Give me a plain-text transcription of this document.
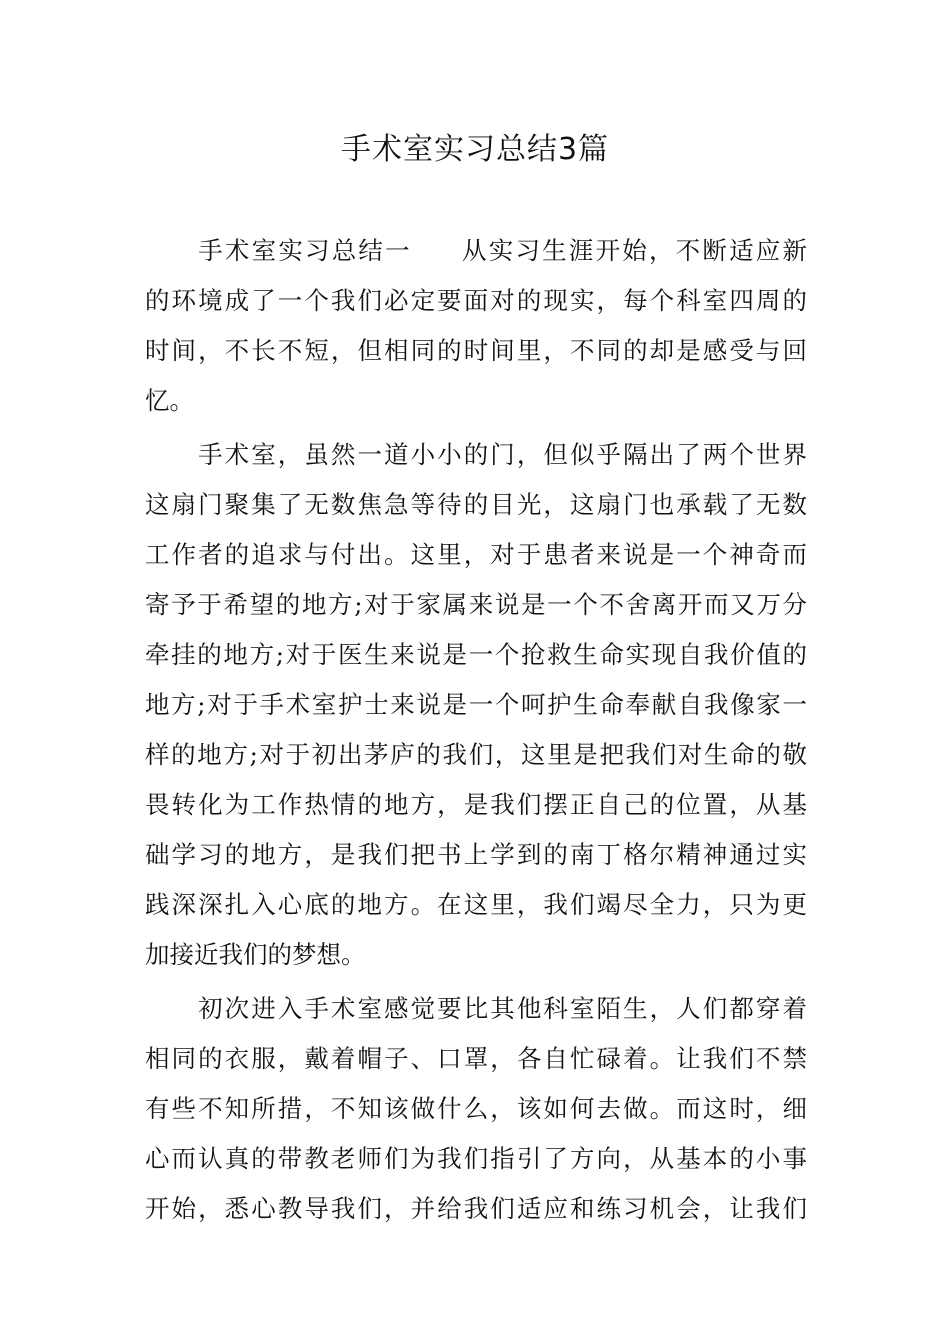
手术室实习总结3篇

手术室实习总结一 从实习生涯开始，不断适应新
的环境成了一个我们必定要面对的现实，每个科室四周的
时间，不长不短，但相同的时间里，不同的却是感受与回
忆。

手术室，虽然一道小小的门，但似乎隔出了两个世界
这扇门聚集了无数焦急等待的目光，这扇门也承载了无数
工作者的追求与付出。这里，对于患者来说是一个神奇而
寄予于希望的地方;对于家属来说是一个不舍离开而又万分
牵挂的地方;对于医生来说是一个抢救生命实现自我价值的
地方;对于手术室护士来说是一个呵护生命奉献自我像家一
样的地方;对于初出茅庐的我们，这里是把我们对生命的敬
畏转化为工作热情的地方，是我们摆正自己的位置，从基
础学习的地方，是我们把书上学到的南丁格尔精神通过实
践深深扎入心底的地方。在这里，我们竭尽全力，只为更
加接近我们的梦想。

初次进入手术室感觉要比其他科室陌生，人们都穿着
相同的衣服，戴着帽子、口罩，各自忙碌着。让我们不禁
有些不知所措，不知该做什么，该如何去做。而这时，细
心而认真的带教老师们为我们指引了方向，从基本的小事
开始，悉心教导我们，并给我们适应和练习机会，让我们
